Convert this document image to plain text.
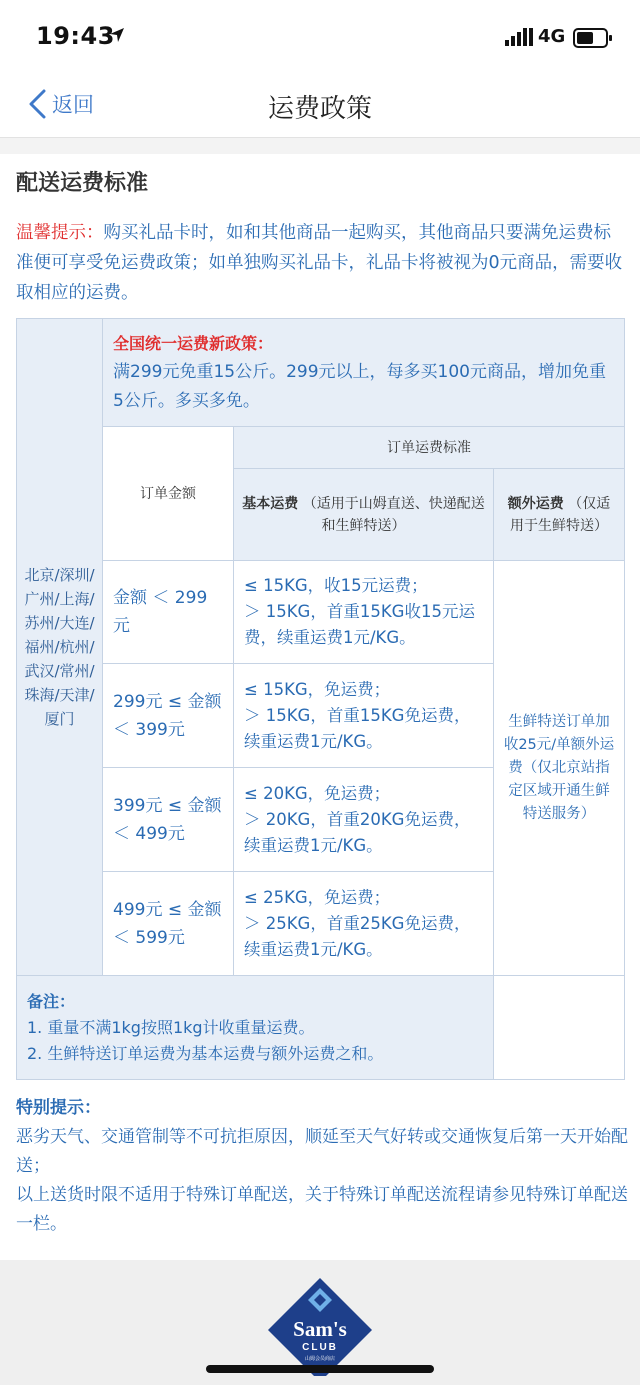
19:43	4G
返回	运费政策
配送运费标准
温馨提示：购买礼品卡时，如和其他商品一起购买，其他商品只要满免运费标准便可享受免运费政策；如单独购买礼品卡，礼品卡将被视为0元商品，需要收取相应的运费。
北京/深圳/广州/上海/苏州/大连/福州/杭州/武汉/常州/珠海/天津/厦门	全国统一运费新政策：
满299元免重15公斤。299元以上，每多买100元商品，增加免重5公斤。多买多免。		

	订单金额	订单运费标准	
		基本运费 （适用于山姆直送、快递配送和生鲜特送）	额外运费 （仅适用于生鲜特送）
	金额 ＜ 299元	≤ 15KG，收15元运费；
＞ 15KG，首重15KG收15元运费，续重运费1元/KG。	生鲜特送订单加收25元/单额外运费（仅北京站指定区域开通生鲜特送服务）
	299元 ≤ 金额 ＜ 399元	≤ 15KG，免运费；
＞ 15KG，首重15KG免运费，续重运费1元/KG。	

	399元 ≤ 金额 ＜ 499元	≤ 20KG，免运费；
＞ 20KG，首重20KG免运费，续重运费1元/KG。	

	499元 ≤ 金额 ＜ 599元	≤ 25KG，免运费；
＞ 25KG，首重25KG免运费，续重运费1元/KG。	

备注：
1. 重量不满1kg按照1kg计收重量运费。
2. 生鲜特送订单运费为基本运费与额外运费之和。			

特别提示：
恶劣天气、交通管制等不可抗拒原因，顺延至天气好转或交通恢复后第一天开始配送；
以上送货时限不适用于特殊订单配送，关于特殊订单配送流程请参见特殊订单配送一栏。
Sam's
CLUB
山姆会员商店
